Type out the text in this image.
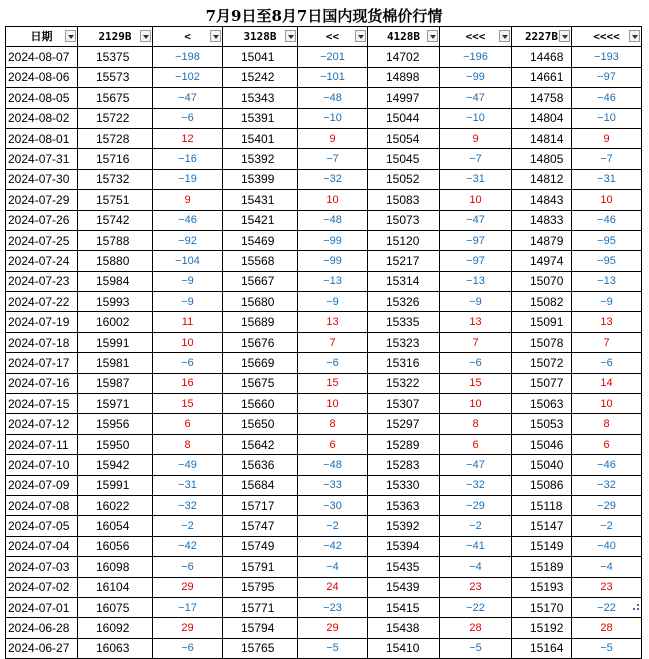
7月9日至8月7日国内现货棉价行情
日期	2129B	<	3128B	<<	4128B	<<<	2227B	<<<<

2024-08-07	15375	−198	15041	−201	14702	−196	14468	−193
2024-08-06	15573	−102	15242	−101	14898	−99	14661	−97
2024-08-05	15675	−47	15343	−48	14997	−47	14758	−46
2024-08-02	15722	−6	15391	−10	15044	−10	14804	−10
2024-08-01	15728	12	15401	9	15054	9	14814	9
2024-07-31	15716	−16	15392	−7	15045	−7	14805	−7
2024-07-30	15732	−19	15399	−32	15052	−31	14812	−31
2024-07-29	15751	9	15431	10	15083	10	14843	10
2024-07-26	15742	−46	15421	−48	15073	−47	14833	−46
2024-07-25	15788	−92	15469	−99	15120	−97	14879	−95
2024-07-24	15880	−104	15568	−99	15217	−97	14974	−95
2024-07-23	15984	−9	15667	−13	15314	−13	15070	−13
2024-07-22	15993	−9	15680	−9	15326	−9	15082	−9
2024-07-19	16002	11	15689	13	15335	13	15091	13
2024-07-18	15991	10	15676	7	15323	7	15078	7
2024-07-17	15981	−6	15669	−6	15316	−6	15072	−6
2024-07-16	15987	16	15675	15	15322	15	15077	14
2024-07-15	15971	15	15660	10	15307	10	15063	10
2024-07-12	15956	6	15650	8	15297	8	15053	8
2024-07-11	15950	8	15642	6	15289	6	15046	6
2024-07-10	15942	−49	15636	−48	15283	−47	15040	−46
2024-07-09	15991	−31	15684	−33	15330	−32	15086	−32
2024-07-08	16022	−32	15717	−30	15363	−29	15118	−29
2024-07-05	16054	−2	15747	−2	15392	−2	15147	−2
2024-07-04	16056	−42	15749	−42	15394	−41	15149	−40
2024-07-03	16098	−6	15791	−4	15435	−4	15189	−4
2024-07-02	16104	29	15795	24	15439	23	15193	23
2024-07-01	16075	−17	15771	−23	15415	−22	15170	−22
2024-06-28	16092	29	15794	29	15438	28	15192	28
2024-06-27	16063	−6	15765	−5	15410	−5	15164	−5
